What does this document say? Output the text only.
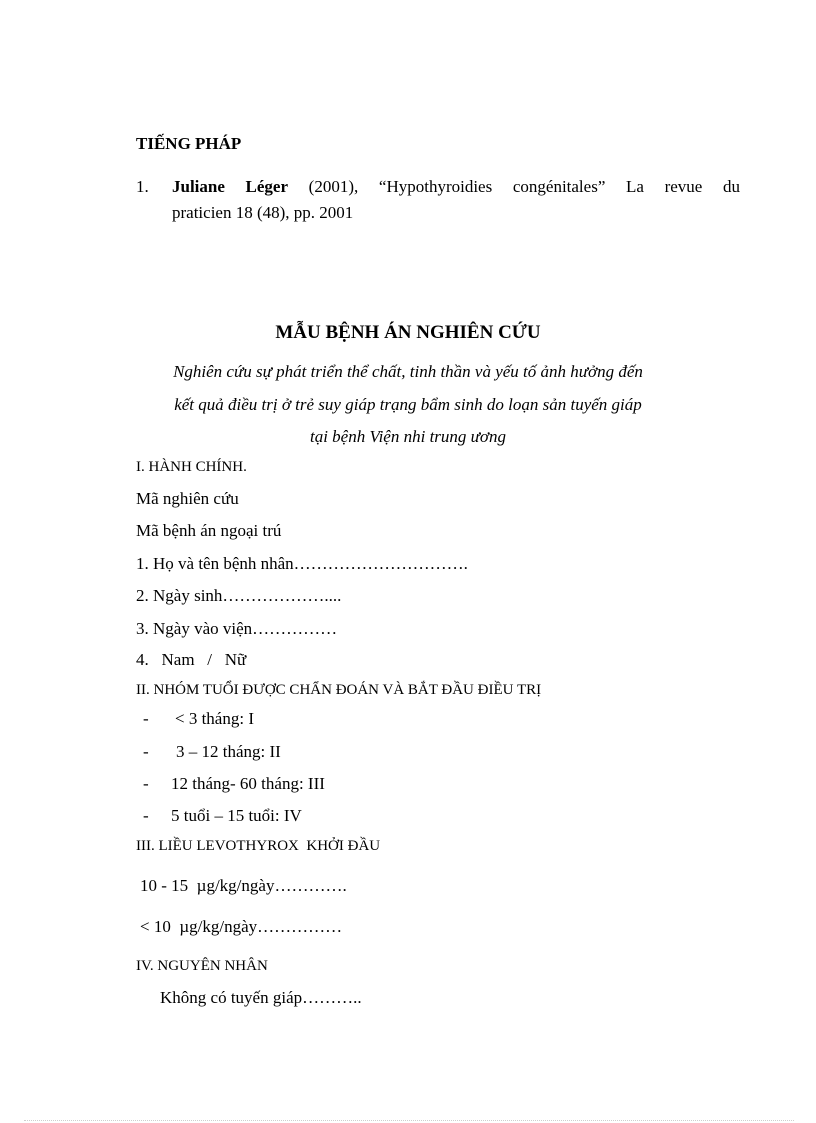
TIẾNG PHÁP
1. Juliane Léger (2001), “Hypothyroidies congénitales” La revue du
praticien 18 (48), pp. 2001
MẪU BỆNH ÁN NGHIÊN CỨU
Nghiên cứu sự phát triển thể chất, tinh thần và yếu tố ảnh hưởng đến
kết quả điều trị ở trẻ suy giáp trạng bẩm sinh do loạn sản tuyến giáp
tại bệnh Viện nhi trung ương
I. HÀNH CHÍNH.
Mã nghiên cứu
Mã bệnh án ngoại trú
1. Họ và tên bệnh nhân………………………….
2. Ngày sinh………………....
3. Ngày vào viện……………
4.   Nam   /   Nữ
II. NHÓM TUỔI ĐƯỢC CHẨN ĐOÁN VÀ BẮT ĐẦU ĐIỀU TRỊ
- < 3 tháng: I
- 3 – 12 tháng: II
- 12 tháng- 60 tháng: III
- 5 tuổi – 15 tuổi: IV
III. LIỀU LEVOTHYROX  KHỞI ĐẦU
10 - 15  µg/kg/ngày………….
< 10  µg/kg/ngày……………
IV. NGUYÊN NHÂN
Không có tuyến giáp………..
